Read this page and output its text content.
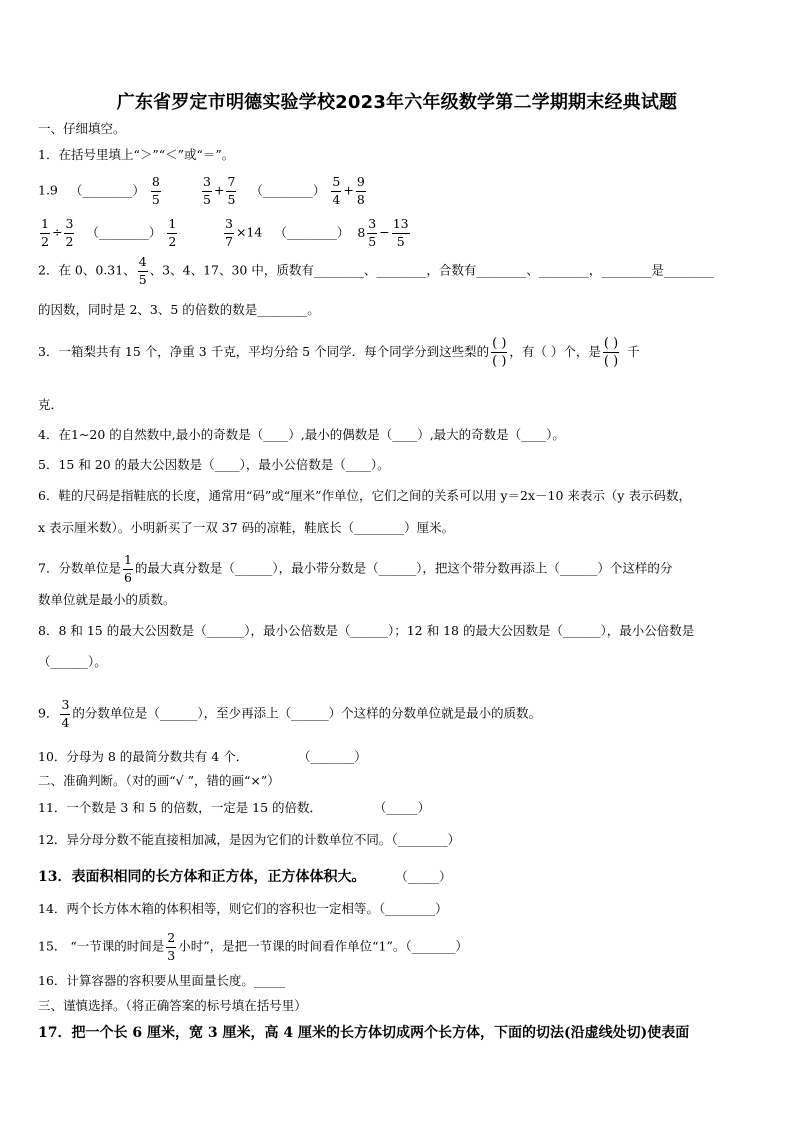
广东省罗定市明德实验学校2023年六年级数学第二学期期末经典试题
一、仔细填空。
1．在括号里填上“＞”“＜”或“＝”。
1.9 （________） $\frac{8}{5}$	$\frac{3}{5} + \frac{7}{5}$ （________） $\frac{5}{4} + \frac{9}{8}$
$\frac{1}{2} \div \frac{3}{2}$ （________） $\frac{1}{2}$	$\frac{3}{7} \times 14$ （________） $8 \frac{3}{5} - \frac{13}{5}$
2．在 0、0.31、 $\frac{4}{5}$ 、3、4、17、30 中，质数有________、________，合数有________、________，________是________
的因数，同时是 2、3、5 的倍数的数是________。
3．一箱梨共有 15 个，净重 3 千克，平均分给 5 个同学．每个同学分到这些梨的 $\frac{( )}{( )}$ ，有（ ）个，是 $\frac{( )}{( )}$ 千
克．
4．在1~20 的自然数中,最小的奇数是（____）,最小的偶数是（____）,最大的奇数是（____）。
5．15 和 20 的最大公因数是（____），最小公倍数是（____）。
6．鞋的尺码是指鞋底的长度，通常用“码”或“厘米”作单位，它们之间的关系可以用 y＝2x－10 来表示（y 表示码数，
x 表示厘米数）。小明新买了一双 37 码的凉鞋，鞋底长（________）厘米。
7．分数单位是 $\frac{1}{6}$ 的最大真分数是（______），最小带分数是（______），把这个带分数再添上（______）个这样的分
数单位就是最小的质数。
8．8 和 15 的最大公因数是（______），最小公倍数是（______）；12 和 18 的最大公因数是（______），最小公倍数是
（______）。
9． $\frac{3}{4}$ 的分数单位是（______），至少再添上（______）个这样的分数单位就是最小的质数。
10．分母为 8 的最简分数共有 4 个．	（_______）
二、准确判断。（对的画“√ ”，错的画“×”）
11．一个数是 3 和 5 的倍数，一定是 15 的倍数．	（_____）
12．异分母分数不能直接相加减，是因为它们的计数单位不同。（________）
13．表面积相同的长方体和正方体，正方体体积大。	（_____）
14．两个长方体木箱的体积相等，则它们的容积也一定相等。（________）
15． “一节课的时间是 $\frac{2}{3}$ 小时”，是把一节课的时间看作单位“1”。（_______）
16．计算容器的容积要从里面量长度。_____
三、谨慎选择。（将正确答案的标号填在括号里）
17．把一个长 6 厘米，宽 3 厘米，高 4 厘米的长方体切成两个长方体，下面的切法(沿虚线处切)使表面
